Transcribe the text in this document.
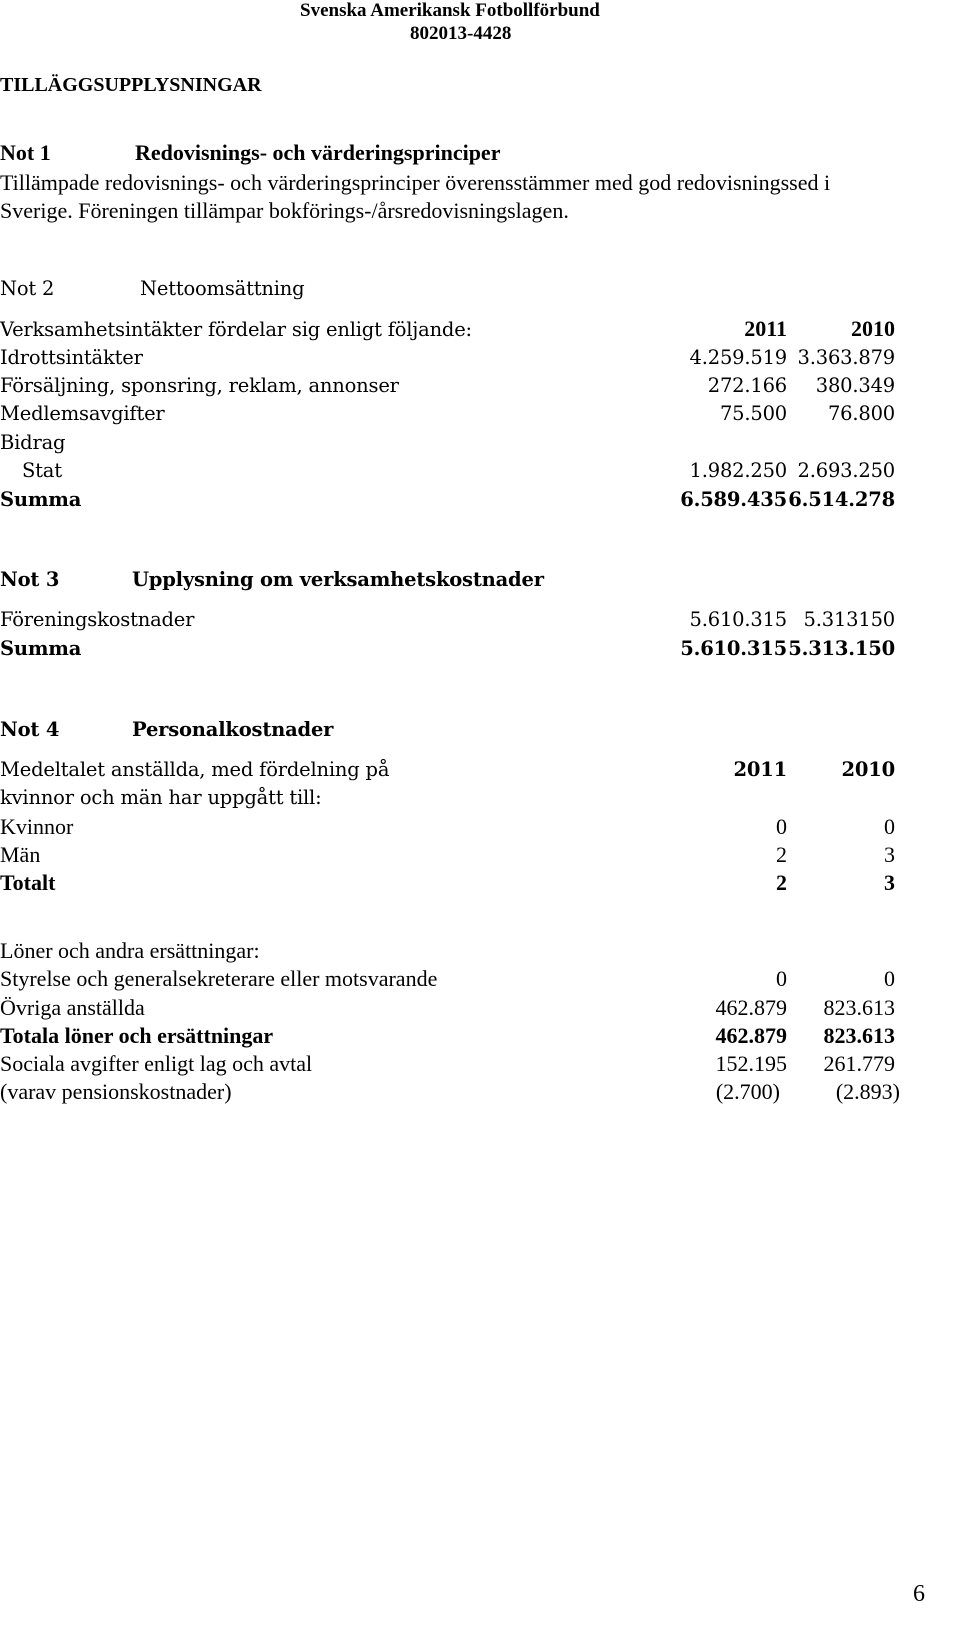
Svenska Amerikansk Fotbollförbund
802013-4428
TILLÄGGSUPPLYSNINGAR
Not 1	Redovisnings- och värderingsprinciper
Tillämpade redovisnings- och värderingsprinciper överensstämmer med god redovisningssed i
Sverige. Föreningen tillämpar bokförings-/årsredovisningslagen.
Not 2	Nettoomsättning
Verksamhetsintäkter fördelar sig enligt följande:	2011	2010
Idrottsintäkter	4.259.519 3.363.879
Försäljning, sponsring, reklam, annonser	272.166 380.349
Medlemsavgifter	75.500 76.800
Bidrag
Stat	1.982.250 2.693.250
Summa	6.589.435 6.514.278
Not 3	Upplysning om verksamhetskostnader
Föreningskostnader	5.610.315 5.313150
Summa	5.610.315 5.313.150
Not 4	Personalkostnader
Medeltalet anställda, med fördelning på	2011	2010
kvinnor och män har uppgått till:
Kvinnor	0	0
Män	2	3
Totalt	2	3
Löner och andra ersättningar:
Styrelse och generalsekreterare eller motsvarande	0	0
Övriga anställda	462.879 823.613
Totala löner och ersättningar	462.879 823.613
Sociala avgifter enligt lag och avtal	152.195 261.779
(varav pensionskostnader)	(2.700)	(2.893)
6
